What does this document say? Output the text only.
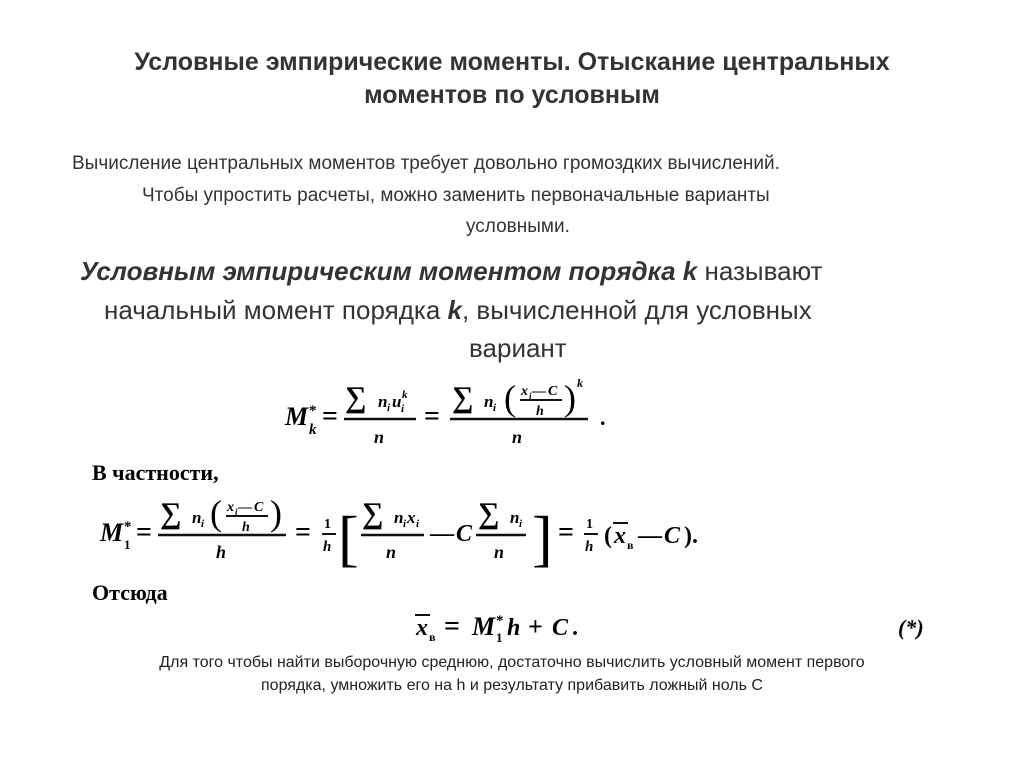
Условные эмпирические моменты. Отыскание центральных
моментов по условным
Вычисление центральных моментов требует довольно громоздких вычислений.
Чтобы упростить расчеты, можно заменить первоначальные варианты
условными.
Условным эмпирическим моментом порядка k называют
начальный момент порядка k, вычисленной для условных
вариант
M *
k =
∑ n i u i
k
n
=
∑ n i ( x i — C
h ) k
n
.
В частности,
M *
1 =
∑ n i ( x i — C
h )
h
= 1
h [ ∑ n i x i
n
— C
∑ n i
n ] = 1
h ( x в — C ).
Отсюда
x в = M *
1 h + C .	(*)
Для того чтобы найти выборочную среднюю, достаточно вычислить условный момент первого
порядка, умножить его на h и результату прибавить ложный ноль С
